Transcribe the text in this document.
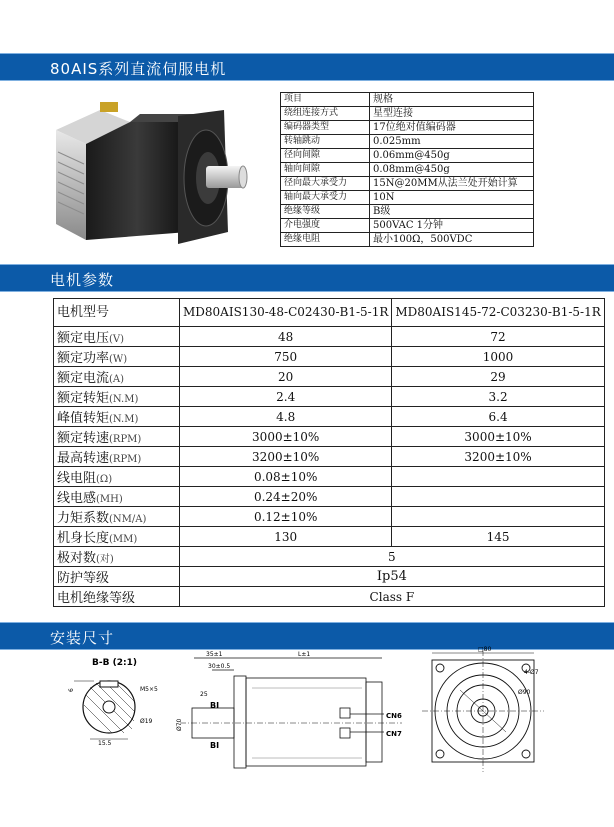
80AIS系列直流伺服电机
项目	规格
绕组连接方式	星型连接
编码器类型	17位绝对值编码器
转轴跳动	0.025mm
径向间隙	0.06mm@450g
轴向间隙	0.08mm@450g
径向最大承受力	15N@20MM从法兰处开始计算
轴向最大承受力	10N
绝缘等级	B级
介电强度	500VAC 1分钟
绝缘电阻	最小100Ω，500VDC
电机参数
电机型号	MD80AIS130-48-C02430-B1-5-1R	MD80AIS145-72-C03230-B1-5-1R
额定电压(V)	48	72
额定功率(W)	750	1000
额定电流(A)	20	29
额定转矩(N.M)	2.4	3.2
峰值转矩(N.M)	4.8	6.4
额定转速(RPM)	3000±10%	3000±10%
最高转速(RPM)	3200±10%	3200±10%
线电阻(Ω)	0.08±10%	
线电感(MH)	0.24±20%	
力矩系数(NM/A)	0.12±10%	
机身长度(MM)	130	145
极对数(对)	5	
防护等级	Ip54	
电机绝缘等级	Class F	
安装尺寸
B-B (2:1)
6	M5×5
Ø19
15.5
35±1
30±0.5
L±1
25
BI
BI
Ø70
CN6
CN7
□80
4-Ø7
Ø90
